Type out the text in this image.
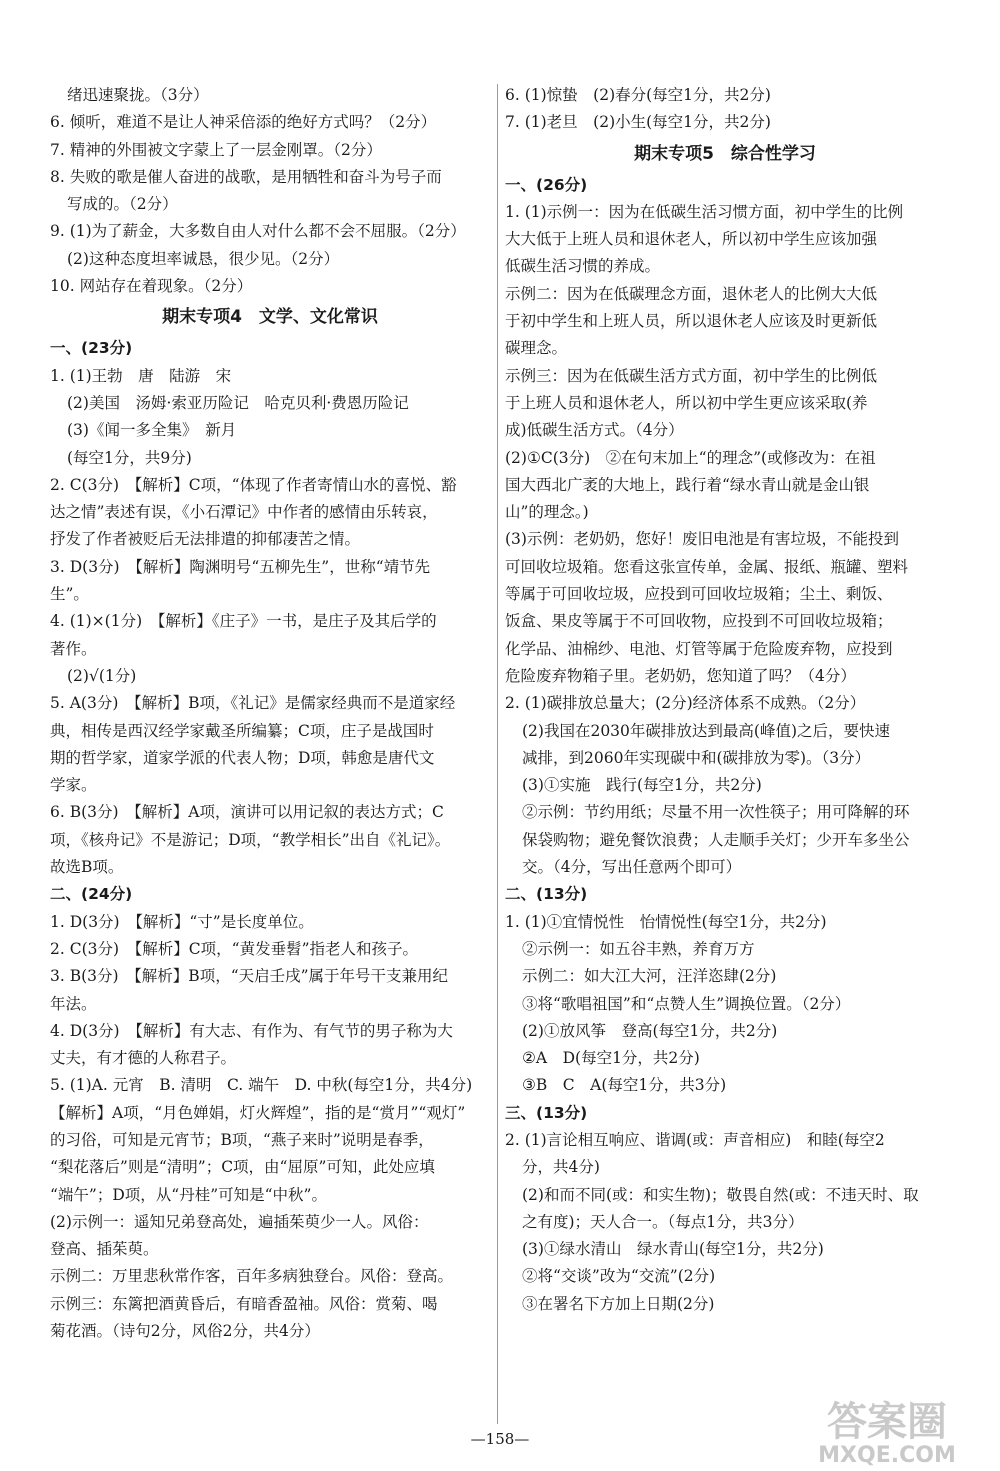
绪迅速聚拢。（3分）
6. 倾听，难道不是让人神采倍添的绝好方式吗？（2分）
7. 精神的外围被文字蒙上了一层金刚罩。（2分）
8. 失败的歌是催人奋进的战歌，是用牺牲和奋斗为号子而
写成的。（2分）
9. (1)为了薪金，大多数自由人对什么都不会不屈服。（2分）
(2)这种态度坦率诚恳，很少见。（2分）
10. 网站存在着现象。（2分）
期末专项4　文学、文化常识
一、(23分)
1. (1)王勃　唐　陆游　宋
(2)美国　汤姆·索亚历险记　哈克贝利·费恩历险记
(3)《闻一多全集》　新月
(每空1分，共9分)
2. C(3分)　【解析】C项，“体现了作者寄情山水的喜悦、豁
达之情”表述有误，《小石潭记》中作者的感情由乐转哀，
抒发了作者被贬后无法排遣的抑郁凄苦之情。
3. D(3分)　【解析】陶渊明号“五柳先生”，世称“靖节先
生”。
4. (1)×(1分)　【解析】《庄子》一书，是庄子及其后学的
著作。
(2)√(1分)
5. A(3分)　【解析】B项，《礼记》是儒家经典而不是道家经
典，相传是西汉经学家戴圣所编纂；C项，庄子是战国时
期的哲学家，道家学派的代表人物；D项，韩愈是唐代文
学家。
6. B(3分)　【解析】A项，演讲可以用记叙的表达方式；C
项，《核舟记》不是游记；D项，“教学相长”出自《礼记》。
故选B项。
二、(24分)
1. D(3分)　【解析】“寸”是长度单位。
2. C(3分)　【解析】C项，“黄发垂髫”指老人和孩子。
3. B(3分)　【解析】B项，“天启壬戌”属于年号干支兼用纪
年法。
4. D(3分)　【解析】有大志、有作为、有气节的男子称为大
丈夫，有才德的人称君子。
5. (1)A. 元宵　B. 清明　C. 端午　D. 中秋(每空1分，共4分)
【解析】A项，“月色婵娟，灯火辉煌”，指的是“赏月”“观灯”
的习俗，可知是元宵节；B项，“燕子来时”说明是春季，
“梨花落后”则是“清明”；C项，由“屈原”可知，此处应填
“端午”；D项，从“丹桂”可知是“中秋”。
(2)示例一：遥知兄弟登高处，遍插茱萸少一人。风俗：
登高、插茱萸。
示例二：万里悲秋常作客，百年多病独登台。风俗：登高。
示例三：东篱把酒黄昏后，有暗香盈袖。风俗：赏菊、喝
菊花酒。（诗句2分，风俗2分，共4分）
6. (1)惊蛰　(2)春分(每空1分，共2分)
7. (1)老旦　(2)小生(每空1分，共2分)
期末专项5　综合性学习
一、(26分)
1. (1)示例一：因为在低碳生活习惯方面，初中学生的比例
大大低于上班人员和退休老人，所以初中学生应该加强
低碳生活习惯的养成。
示例二：因为在低碳理念方面，退休老人的比例大大低
于初中学生和上班人员，所以退休老人应该及时更新低
碳理念。
示例三：因为在低碳生活方式方面，初中学生的比例低
于上班人员和退休老人，所以初中学生更应该采取(养
成)低碳生活方式。（4分）
(2)①C(3分)　②在句末加上“的理念”(或修改为：在祖
国大西北广袤的大地上，践行着“绿水青山就是金山银
山”的理念。)
(3)示例：老奶奶，您好！废旧电池是有害垃圾，不能投到
可回收垃圾箱。您看这张宣传单，金属、报纸、瓶罐、塑料
等属于可回收垃圾，应投到可回收垃圾箱；尘土、剩饭、
饭盒、果皮等属于不可回收物，应投到不可回收垃圾箱；
化学品、油棉纱、电池、灯管等属于危险废弃物，应投到
危险废弃物箱子里。老奶奶，您知道了吗？（4分）
2. (1)碳排放总量大；(2分)经济体系不成熟。（2分）
(2)我国在2030年碳排放达到最高(峰值)之后，要快速
减排，到2060年实现碳中和(碳排放为零)。（3分）
(3)①实施　践行(每空1分，共2分)
②示例：节约用纸；尽量不用一次性筷子；用可降解的环
保袋购物；避免餐饮浪费；人走顺手关灯；少开车多坐公
交。（4分，写出任意两个即可）
二、(13分)
1. (1)①宜情悦性　怡情悦性(每空1分，共2分)
②示例一：如五谷丰熟，养育万方
示例二：如大江大河，汪洋恣肆(2分)
③将“歌唱祖国”和“点赞人生”调换位置。（2分）
(2)①放风筝　登高(每空1分，共2分)
②A　D(每空1分，共2分)
③B　C　A(每空1分，共3分)
三、(13分)
2. (1)言论相互响应、谐调(或：声音相应)　和睦(每空2
分，共4分)
(2)和而不同(或：和实生物)；敬畏自然(或：不违天时、取
之有度)；天人合一。（每点1分，共3分）
(3)①绿水清山　绿水青山(每空1分，共2分)
②将“交谈”改为“交流”(2分)
③在署名下方加上日期(2分)
—158—	答案圈
MXQE.COM
